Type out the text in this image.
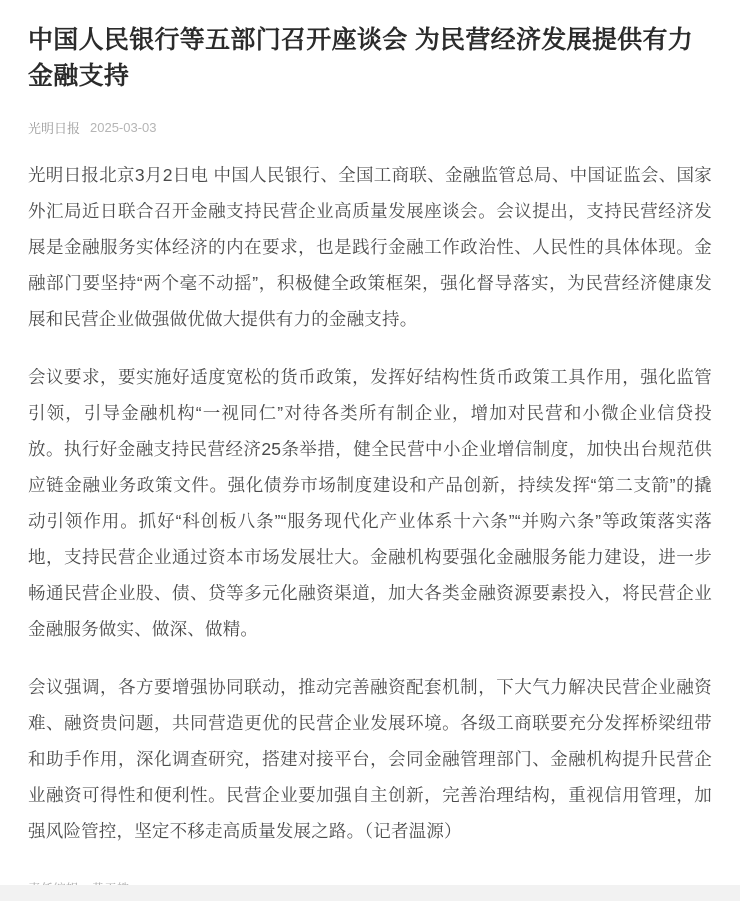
中国人民银行等五部门召开座谈会 为民营经济发展提供有力金融支持
光明日报 2025-03-03

光明日报北京3月2日电 中国人民银行、全国工商联、金融监管总局、中国证监会、国家外汇局近日联合召开金融支持民营企业高质量发展座谈会。会议提出，支持民营经济发展是金融服务实体经济的内在要求，也是践行金融工作政治性、人民性的具体体现。金融部门要坚持“两个毫不动摇”，积极健全政策框架，强化督导落实，为民营经济健康发展和民营企业做强做优做大提供有力的金融支持。

会议要求，要实施好适度宽松的货币政策，发挥好结构性货币政策工具作用，强化监管引领，引导金融机构“一视同仁”对待各类所有制企业，增加对民营和小微企业信贷投放。执行好金融支持民营经济25条举措，健全民营中小企业增信制度，加快出台规范供应链金融业务政策文件。强化债券市场制度建设和产品创新，持续发挥“第二支箭”的撬动引领作用。抓好“科创板八条”“服务现代化产业体系十六条”“并购六条”等政策落实落地，支持民营企业通过资本市场发展壮大。金融机构要强化金融服务能力建设，进一步畅通民营企业股、债、贷等多元化融资渠道，加大各类金融资源要素投入，将民营企业金融服务做实、做深、做精。

会议强调，各方要增强协同联动，推动完善融资配套机制，下大气力解决民营企业融资难、融资贵问题，共同营造更优的民营企业发展环境。各级工商联要充分发挥桥梁纽带和助手作用，深化调查研究，搭建对接平台，会同金融管理部门、金融机构提升民营企业融资可得性和便利性。民营企业要加强自主创新，完善治理结构，重视信用管理，加强风险管控，坚定不移走高质量发展之路。（记者温源）
